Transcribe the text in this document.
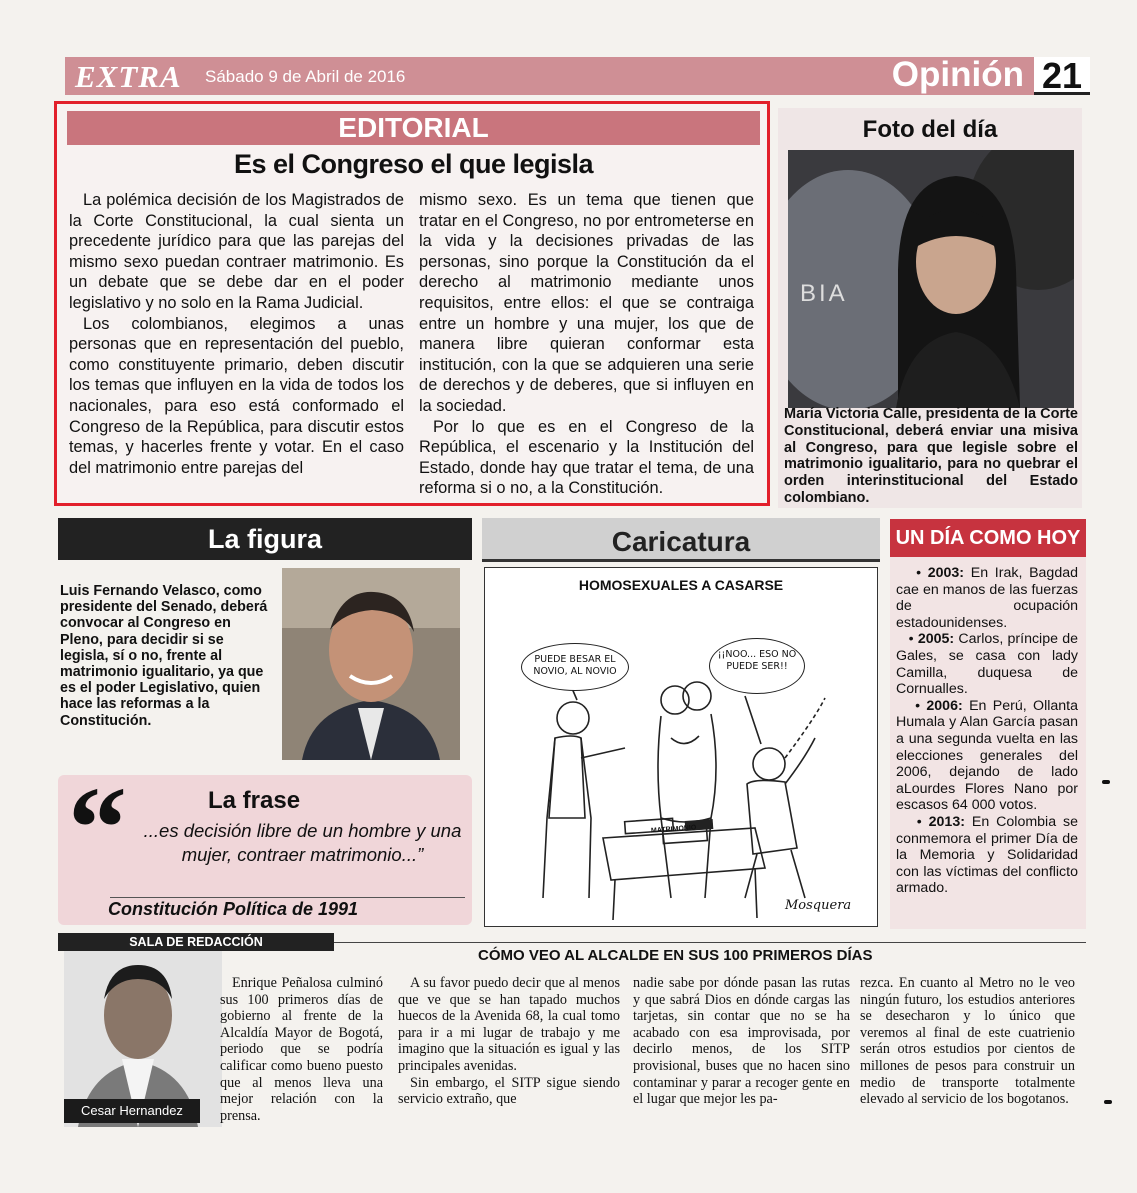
EXTRA Sábado 9 de Abril de 2016	Opinión 21
EDITORIAL
Es el Congreso el que legisla

La polémica decisión de los Magistrados de la Corte Constitucional, la cual sienta un precedente jurídico para que las parejas del mismo sexo puedan contraer matrimonio. Es un debate que se debe dar en el poder legislativo y no solo en la Rama Judicial.

Los colombianos, elegimos a unas personas que en representación del pueblo, como constituyente primario, deben discutir los temas que influyen en la vida de todos los nacionales, para eso está conformado el Congreso de la República, para discutir estos temas, y hacerles frente y votar. En el caso del matrimonio entre parejas del

mismo sexo. Es un tema que tienen que tratar en el Congreso, no por entrometerse en la vida y la decisiones privadas de las personas, sino porque la Constitución da el derecho al matrimonio mediante unos requisitos, entre ellos: el que se contraiga entre un hombre y una mujer, los que de manera libre quieran conformar esta institución, con la que se adquieren una serie de derechos y de deberes, que si influyen en la sociedad.

Por lo que es en el Congreso de la República, el escenario y la Institución del Estado, donde hay que tratar el tema, de una reforma si o no, a la Constitución.

Foto del día
BIA
María Victoria Calle, presidenta de la Corte Constitucional, deberá enviar una misiva al Congreso, para que legisle sobre el matrimonio igualitario, para no quebrar el orden interinstitucional del Estado colombiano.
La figura
Luis Fernando Velasco, como presidente del Senado, deberá convocar al Congreso en Pleno, para decidir si se legisla, sí o no, frente al matrimonio igualitario, ya que es el poder Legislativo, quien hace las reformas a la Constitución.
“	La frase
...es decisión libre de un hombre y una mujer, contraer matrimonio...”
Constitución Política de 1991
Caricatura
HOMOSEXUALES A CASARSE
PUEDE BESAR EL NOVIO, AL NOVIO
¡¡NOO... ESO NO PUEDE SER!!
MATRIMONIO
Mosquera
UN DÍA COMO HOY

• 2003: En Irak, Bagdad cae en manos de las fuerzas de ocupación estadounidenses.

• 2005: Carlos, príncipe de Gales, se casa con lady Camilla, duquesa de Cornualles.

• 2006: En Perú, Ollanta Humala y Alan García pasan a una segunda vuelta en las elecciones generales del 2006, dejando de lado aLourdes Flores Nano por escasos 64 000 votos.

• 2013: En Colombia se conmemora el primer Día de la Memoria y Solidaridad con las víctimas del conflicto armado.

Cesar Hernandez
SALA DE REDACCIÓN
CÓMO VEO AL ALCALDE EN SUS 100 PRIMEROS DÍAS

Enrique Peñalosa culminó sus 100 primeros días de gobierno al frente de la Alcaldía Mayor de Bogotá, periodo que se podría calificar como bueno puesto que al menos lleva una mejor relación con la prensa.

A su favor puedo decir que al menos que ve que se han tapado muchos huecos de la Avenida 68, la cual tomo para ir a mi lugar de trabajo y me imagino que la situación es igual y las principales avenidas.

Sin embargo, el SITP sigue siendo servicio extraño, que

nadie sabe por dónde pasan las rutas y que sabrá Dios en dónde cargas las tarjetas, sin contar que no se ha acabado con esa improvisada, por decirlo menos, de los SITP provisional, buses que no hacen sino contaminar y parar a recoger gente en el lugar que mejor les pa-

rezca. En cuanto al Metro no le veo ningún futuro, los estudios anteriores se desecharon y lo único que veremos al final de este cuatrienio serán otros estudios por cientos de millones de pesos para construir un medio de transporte totalmente elevado al servicio de los bogotanos.
